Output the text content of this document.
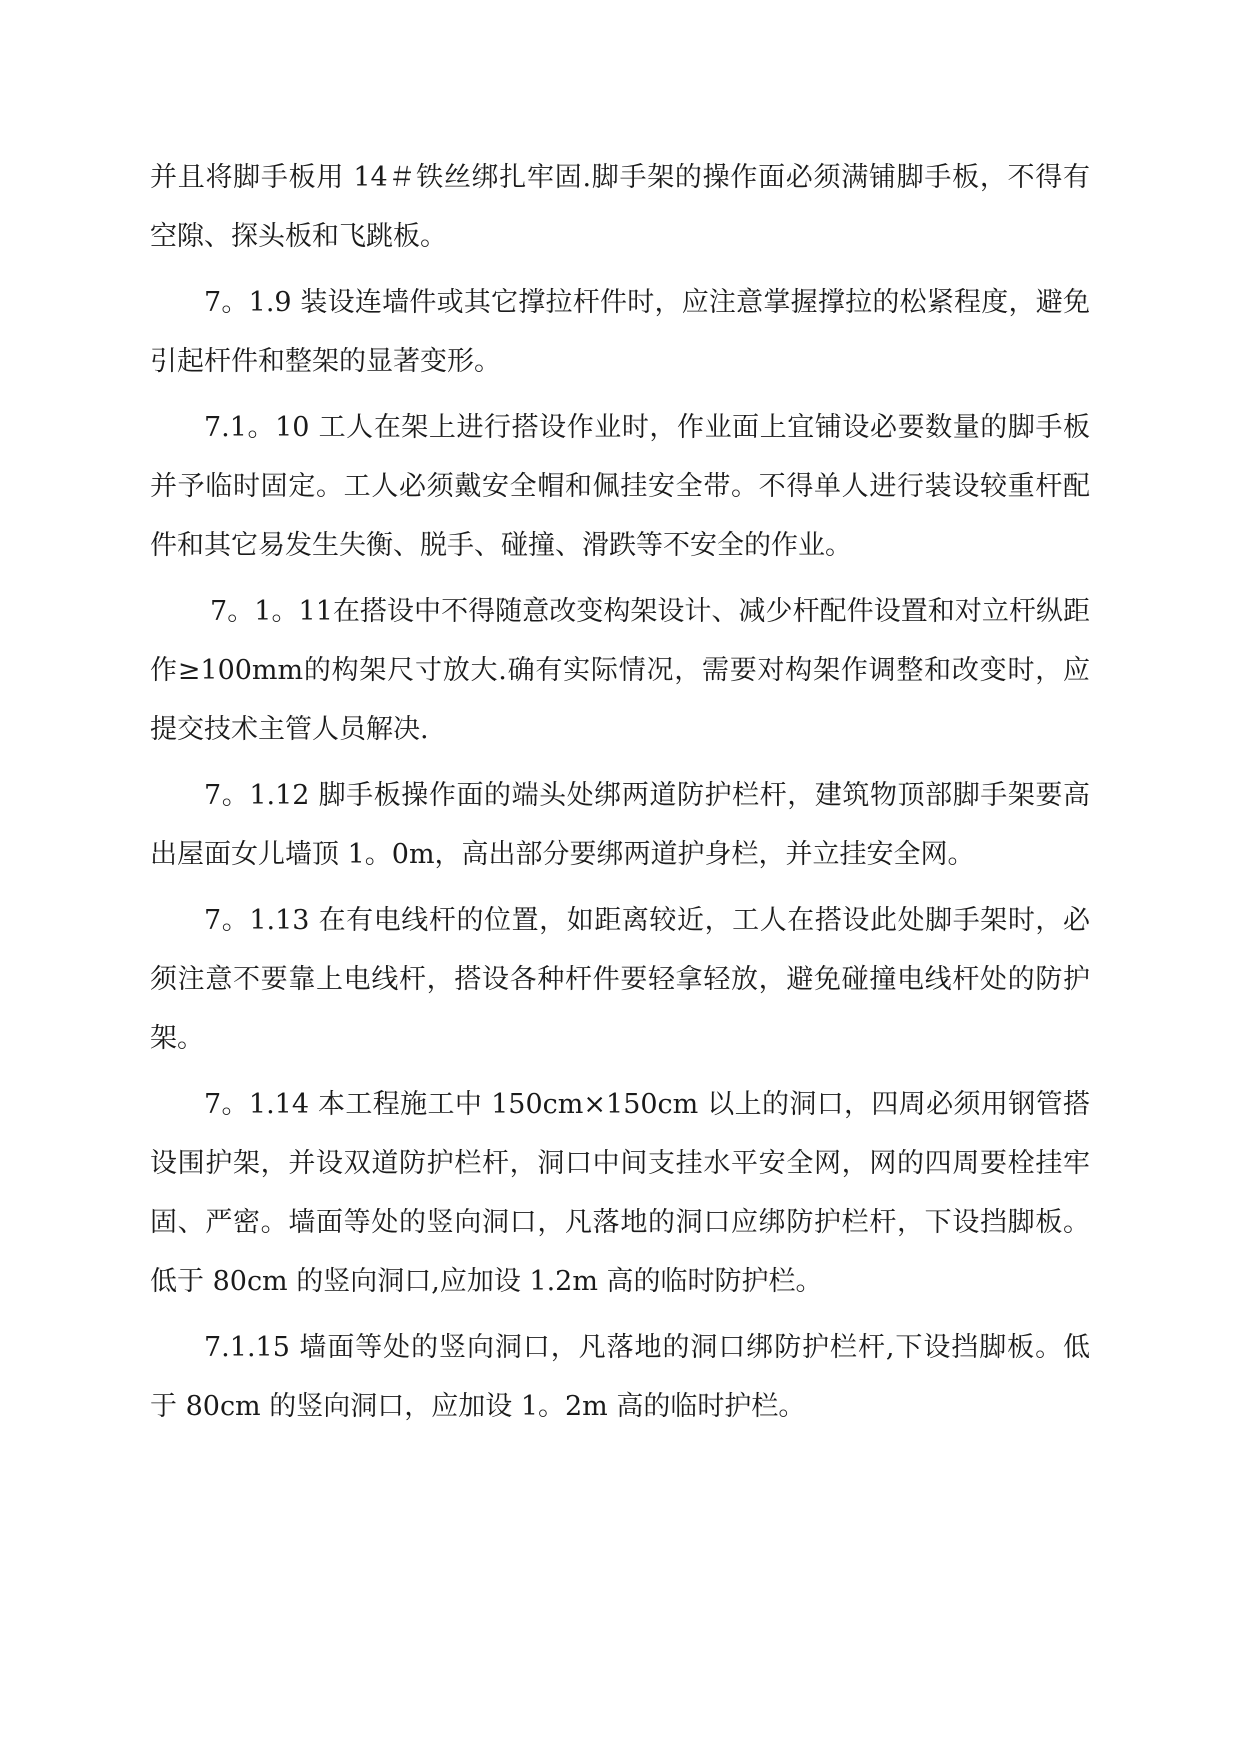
并且将脚手板用 14＃铁丝绑扎牢固.脚手架的操作面必须满铺脚手板，不得有空隙、探头板和飞跳板。

7。1.9 装设连墙件或其它撑拉杆件时，应注意掌握撑拉的松紧程度，避免引起杆件和整架的显著变形。

7.1。10 工人在架上进行搭设作业时，作业面上宜铺设必要数量的脚手板并予临时固定。工人必须戴安全帽和佩挂安全带。不得单人进行装设较重杆配件和其它易发生失衡、脱手、碰撞、滑跌等不安全的作业。

7。1。11在搭设中不得随意改变构架设计、减少杆配件设置和对立杆纵距作≥100mm的构架尺寸放大.确有实际情况，需要对构架作调整和改变时，应提交技术主管人员解决.

7。1.12 脚手板操作面的端头处绑两道防护栏杆，建筑物顶部脚手架要高出屋面女儿墙顶 1。0m，高出部分要绑两道护身栏，并立挂安全网。

7。1.13 在有电线杆的位置，如距离较近，工人在搭设此处脚手架时，必须注意不要靠上电线杆，搭设各种杆件要轻拿轻放，避免碰撞电线杆处的防护架。

7。1.14 本工程施工中 150cm×150cm 以上的洞口，四周必须用钢管搭设围护架，并设双道防护栏杆，洞口中间支挂水平安全网，网的四周要栓挂牢固、严密。墙面等处的竖向洞口，凡落地的洞口应绑防护栏杆，下设挡脚板。低于 80cm 的竖向洞口,应加设 1.2m 高的临时防护栏。

7.1.15 墙面等处的竖向洞口，凡落地的洞口绑防护栏杆,下设挡脚板。低于 80cm 的竖向洞口，应加设 1。2m 高的临时护栏。
